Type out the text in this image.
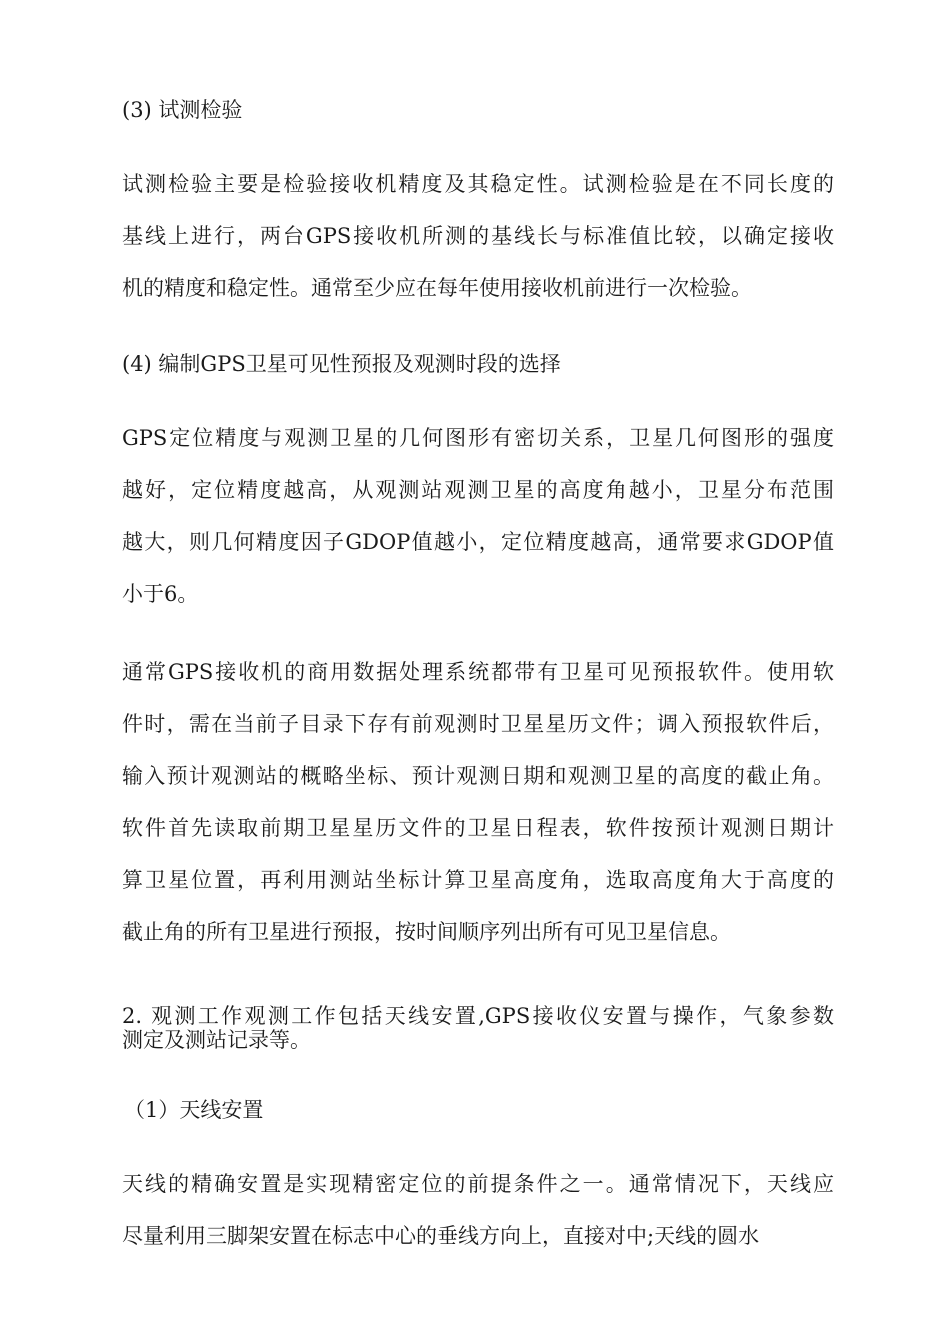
(3) 试测检验

试测检验主要是检验接收机精度及其稳定性。试测检验是在不同长度的
基线上进行，两台GPS接收机所测的基线长与标准值比较，以确定接收
机的精度和稳定性。通常至少应在每年使用接收机前进行一次检验。

(4) 编制GPS卫星可见性预报及观测时段的选择

GPS定位精度与观测卫星的几何图形有密切关系，卫星几何图形的强度
越好，定位精度越高，从观测站观测卫星的高度角越小，卫星分布范围
越大，则几何精度因子GDOP值越小，定位精度越高，通常要求GDOP值
小于6。
通常GPS接收机的商用数据处理系统都带有卫星可见预报软件。使用软
件时，需在当前子目录下存有前观测时卫星星历文件；调入预报软件后，
输入预计观测站的概略坐标、预计观测日期和观测卫星的高度的截止角。
软件首先读取前期卫星星历文件的卫星日程表，软件按预计观测日期计
算卫星位置，再利用测站坐标计算卫星高度角，选取高度角大于高度的
截止角的所有卫星进行预报，按时间顺序列出所有可见卫星信息。
2. 观测工作观测工作包括天线安置,GPS接收仪安置与操作，气象参数
测定及测站记录等。

（1）天线安置

天线的精确安置是实现精密定位的前提条件之一。通常情况下，天线应
尽量利用三脚架安置在标志中心的垂线方向上，直接对中;天线的圆水
